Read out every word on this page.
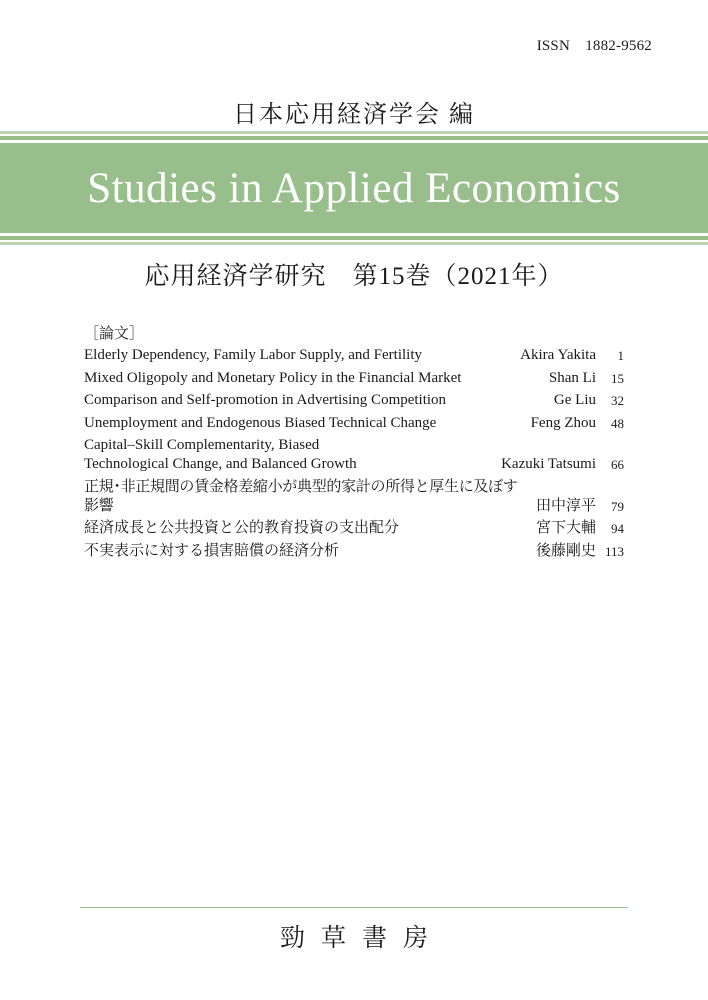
ISSN　1882-9562
日本応用経済学会 編
Studies in Applied Economics
応用経済学研究　第15巻（2021年）
［論文］
Elderly Dependency, Family Labor Supply, and Fertility	Akira Yakita	1
Mixed Oligopoly and Monetary Policy in the Financial Market	Shan Li	15
Comparison and Self-promotion in Advertising Competition	Ge Liu	32
Unemployment and Endogenous Biased Technical Change	Feng Zhou	48
Capital–Skill Complementarity, Biased Technological Change, and Balanced Growth	Kazuki Tatsumi	66
正規･非正規間の賃金格差縮小が典型的家計の所得と厚生に及ぼす影響	田中淳平	79
経済成長と公共投資と公的教育投資の支出配分	宮下大輔	94
不実表示に対する損害賠償の経済分析	後藤剛史 113
勁草書房
